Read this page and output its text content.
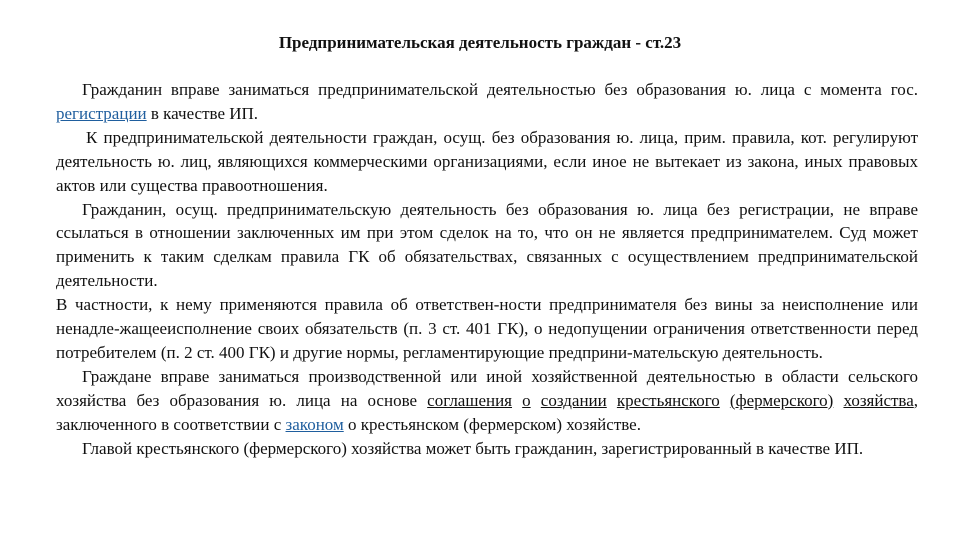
Предпринимательская деятельность граждан - ст.23

Гражданин вправе заниматься предпринимательской деятельностью без образования ю. лица с момента гос. регистрации в качестве ИП.

К предпринимательской деятельности граждан, осущ. без образования ю. лица, прим. правила, кот. регулируют деятельность ю. лиц, являющихся коммерческими организациями, если иное не вытекает из закона, иных правовых актов или существа правоотношения.

Гражданин, осущ. предпринимательскую деятельность без образования ю. лица без регистрации, не вправе ссылаться в отношении заключенных им при этом сделок на то, что он не является предпринимателем. Суд может применить к таким сделкам правила ГК об обязательствах, связанных с осуществлением предпринимательской деятельности.

В частности, к нему применяются правила об ответствен-ности предпринимателя без вины за неисполнение или ненадле-жащееисполнение своих обязательств (п. 3 ст. 401 ГК), о недопущении ограничения ответственности перед потребителем (п. 2 ст. 400 ГК) и другие нормы, регламентирующие предприни-мательскую деятельность.

Граждане вправе заниматься производственной или иной хозяйственной деятельностью в области сельского хозяйства без образования ю. лица на основе соглашения о создании крестьянского (фермерского) хозяйства, заключенного в соответствии с законом о крестьянском (фермерском) хозяйстве.

Главой крестьянского (фермерского) хозяйства может быть гражданин, зарегистрированный в качестве ИП.
